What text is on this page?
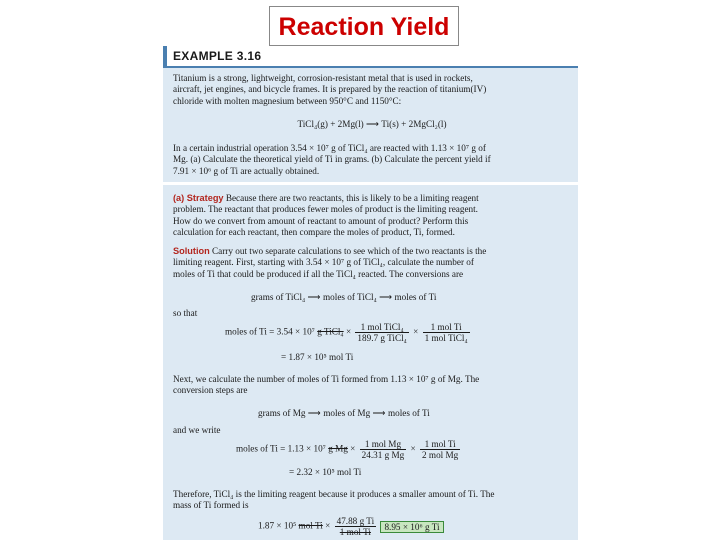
Reaction Yield
EXAMPLE 3.16
Titanium is a strong, lightweight, corrosion-resistant metal that is used in rockets,
aircraft, jet engines, and bicycle frames. It is prepared by the reaction of titanium(IV)
chloride with molten magnesium between 950°C and 1150°C:
TiCl₄(g) + 2Mg(l) ⟶ Ti(s) + 2MgCl₂(l)
In a certain industrial operation 3.54 × 10⁷ g of TiCl₄ are reacted with 1.13 × 10⁷ g of
Mg. (a) Calculate the theoretical yield of Ti in grams. (b) Calculate the percent yield if
7.91 × 10⁶ g of Ti are actually obtained.
(a) Strategy Because there are two reactants, this is likely to be a limiting reagent
problem. The reactant that produces fewer moles of product is the limiting reagent.
How do we convert from amount of reactant to amount of product? Perform this
calculation for each reactant, then compare the moles of product, Ti, formed.
Solution Carry out two separate calculations to see which of the two reactants is the
limiting reagent. First, starting with 3.54 × 10⁷ g of TiCl₄, calculate the number of
moles of Ti that could be produced if all the TiCl₄ reacted. The conversions are
grams of TiCl₄ ⟶ moles of TiCl₄ ⟶ moles of Ti
so that
moles of Ti = 3.54 × 10⁷ g TiCl₄ × $\frac{\text{1 mol TiCl₄}}{\text{189.7 g TiCl₄}} \times \frac{\text{1 mol Ti}}{\text{1 mol TiCl₄}}$
= 1.87 × 10⁵ mol Ti
Next, we calculate the number of moles of Ti formed from 1.13 × 10⁷ g of Mg. The
conversion steps are
grams of Mg ⟶ moles of Mg ⟶ moles of Ti
and we write
moles of Ti = 1.13 × 10⁷ g $Mg \times \frac{\text{1 mol Mg}}{\text{24.31 g Mg}} \times \frac{\text{1 mol Ti}}{\text{2 mol Mg}}$
= 2.32 × 10⁵ mol Ti
Therefore, TiCl₄ is the limiting reagent because it produces a smaller amount of Ti. The
mass of Ti formed is
1.87 × 10⁵ mol $Ti \times \frac{\text{47.88 g Ti}}{\text{1 mol Ti}} 8.95 \times 10^6$ g Ti
